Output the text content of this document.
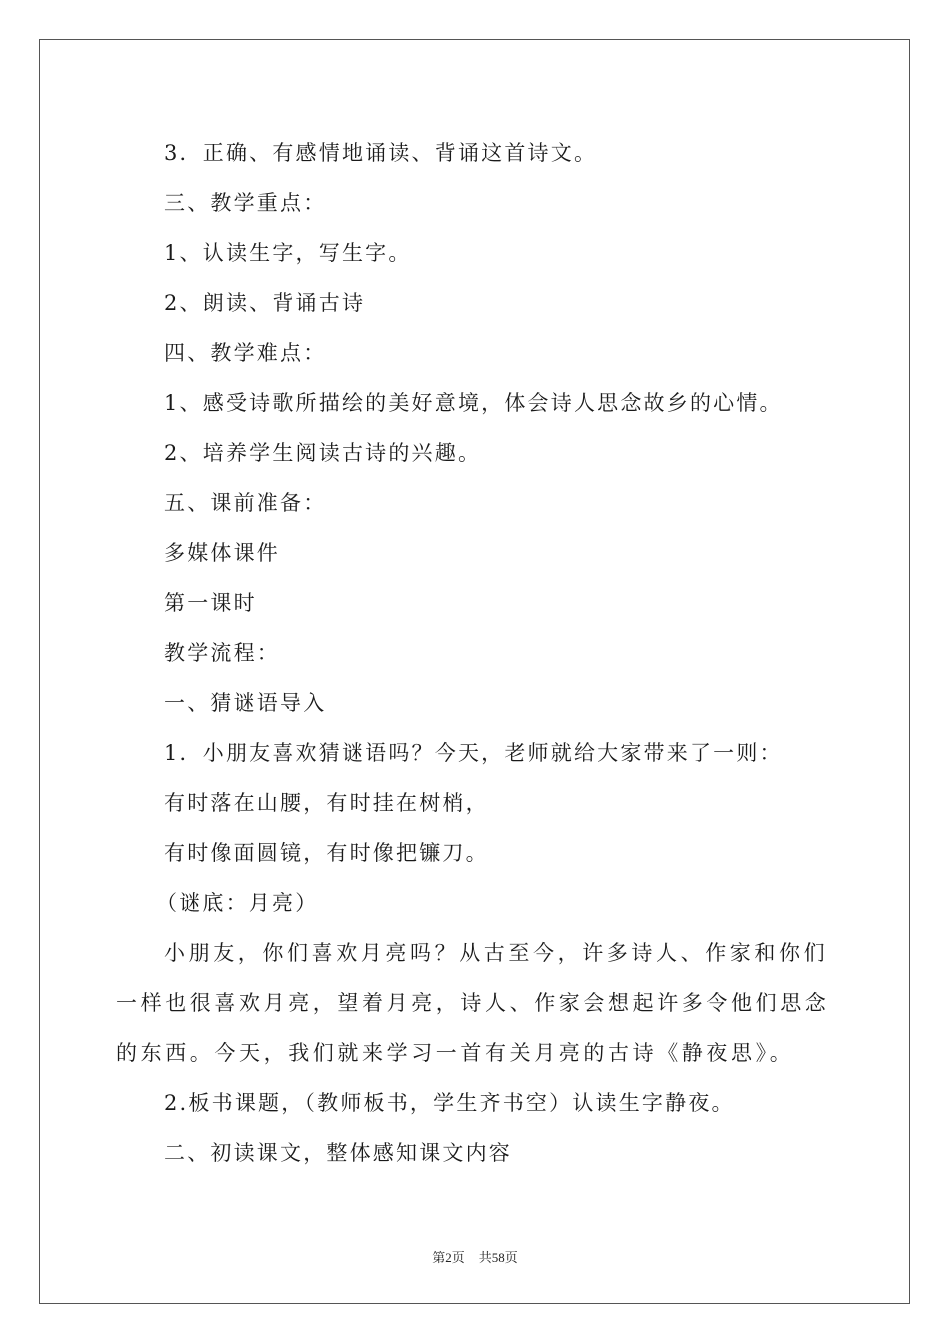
3．正确、有感情地诵读、背诵这首诗文。

三、教学重点：

1、认读生字，写生字。

2、朗读、背诵古诗

四、教学难点：

1、感受诗歌所描绘的美好意境，体会诗人思念故乡的心情。

2、培养学生阅读古诗的兴趣。

五、课前准备：

多媒体课件

第一课时

教学流程：

一、猜谜语导入

1．小朋友喜欢猜谜语吗？今天，老师就给大家带来了一则：

有时落在山腰，有时挂在树梢，

有时像面圆镜，有时像把镰刀。

（谜底：月亮）

小朋友，你们喜欢月亮吗？从古至今，许多诗人、作家和你们一样也很喜欢月亮，望着月亮，诗人、作家会想起许多令他们思念的东西。今天，我们就来学习一首有关月亮的古诗《静夜思》。

2.板书课题，（教师板书，学生齐书空）认读生字静夜。

二、初读课文，整体感知课文内容

第2页 共58页
